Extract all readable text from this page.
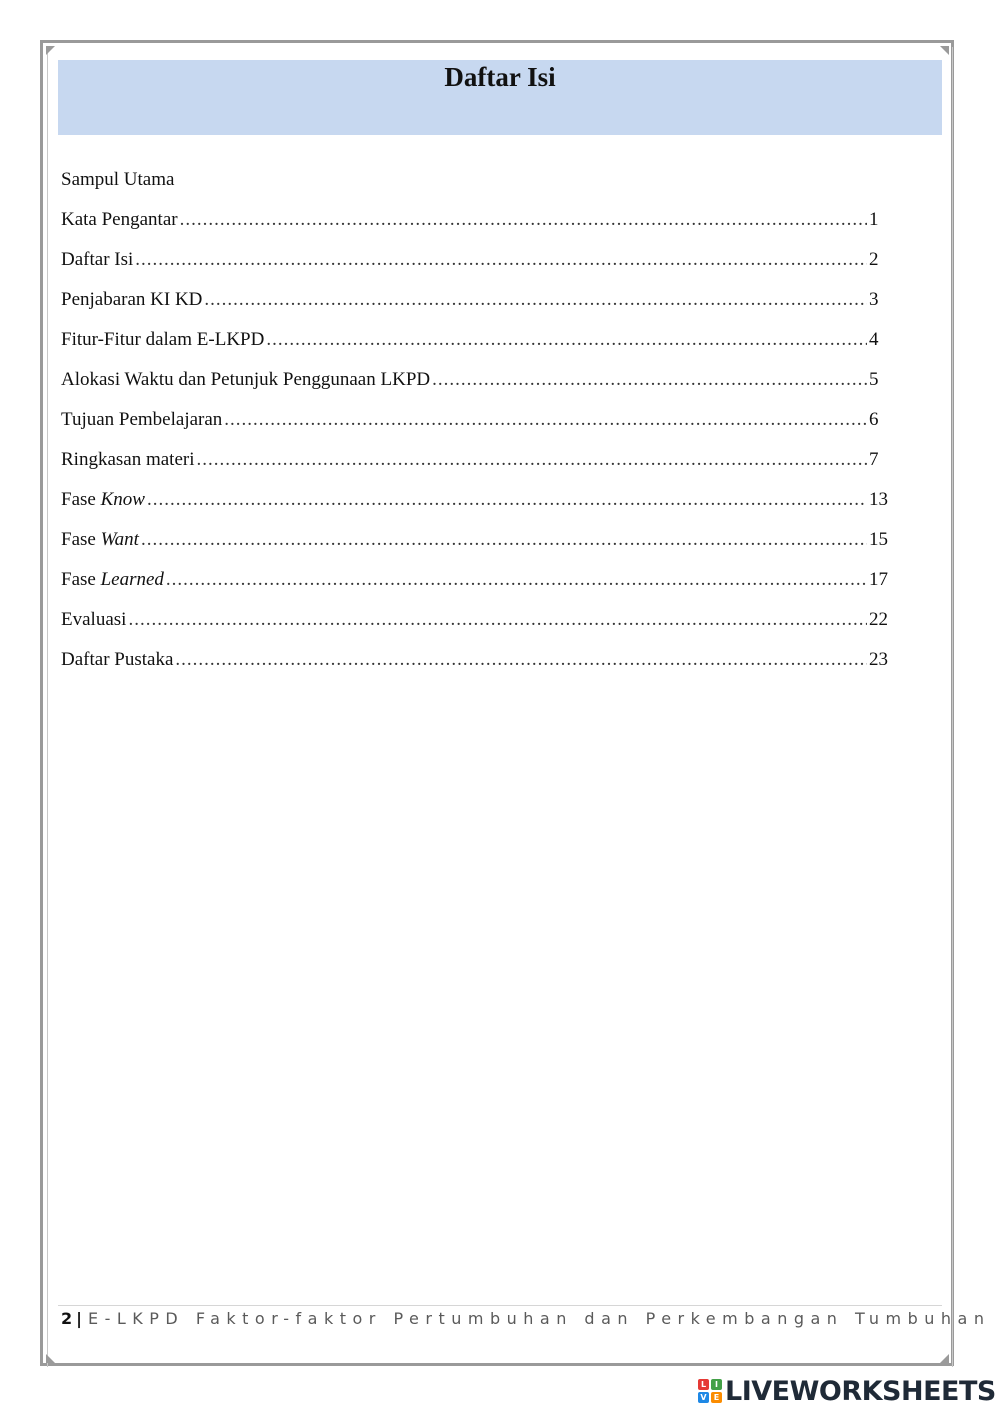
Daftar Isi
Sampul Utama
Kata Pengantar .....	1
Daftar Isi .....	2
Penjabaran KI KD .....	3
Fitur-Fitur dalam E-LKPD .....	4
Alokasi Waktu dan Petunjuk Penggunaan LKPD .....	5
Tujuan Pembelajaran .....	6
Ringkasan materi .....	7
Fase Know .....	13
Fase Want .....	15
Fase Learned .....	17
Evaluasi .....	22
Daftar Pustaka .....	23
2 | E-LKPD Faktor-faktor Pertumbuhan dan Perkembangan Tumbuhan
L	I
V E LIVEWORKSHEETS
